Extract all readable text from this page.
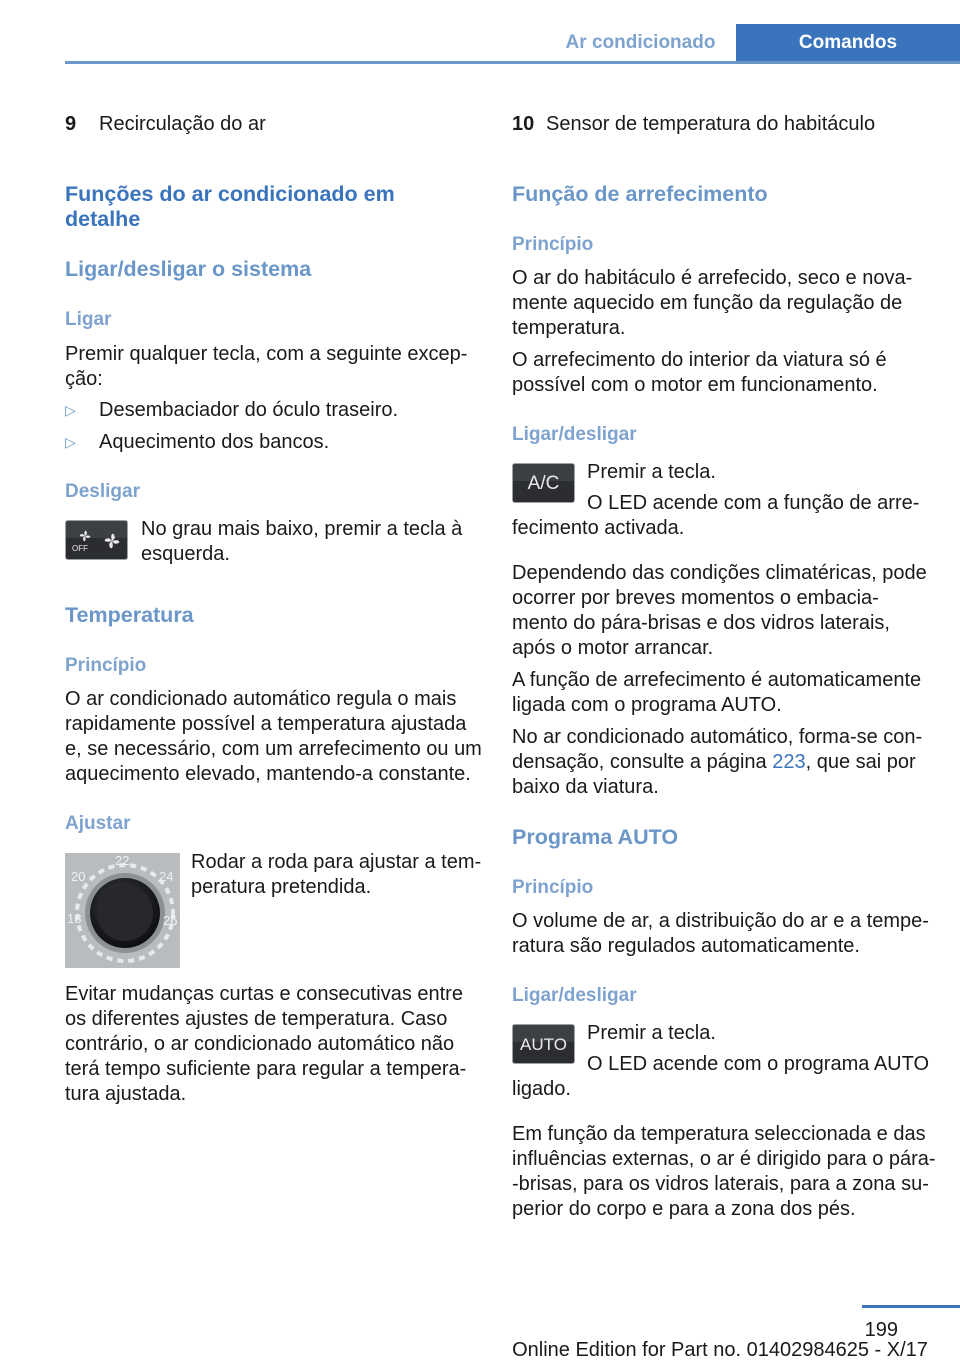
Ar condicionado	Comandos
9 Recirculação do ar
Funções do ar condicionado em
detalhe
Ligar/desligar o sistema
Ligar
Premir qualquer tecla, com a seguinte excep‐
ção:
▷ Desembaciador do óculo traseiro.
▷ Aquecimento dos bancos.
Desligar
OFF
No grau mais baixo, premir a tecla à
esquerda.
Temperatura
Princípio
O ar condicionado automático regula o mais
rapidamente possível a temperatura ajustada
e, se necessário, com um arrefecimento ou um
aquecimento elevado, mantendo-a constante.
Ajustar
22
20	24
18	26
Rodar a roda para ajustar a tem‐
peratura pretendida.
Evitar mudanças curtas e consecutivas entre
os diferentes ajustes de temperatura. Caso
contrário, o ar condicionado automático não
terá tempo suficiente para regular a tempera‐
tura ajustada.
10 Sensor de temperatura do habitáculo
Função de arrefecimento
Princípio
O ar do habitáculo é arrefecido, seco e nova‐
mente aquecido em função da regulação de
temperatura.
O arrefecimento do interior da viatura só é
possível com o motor em funcionamento.
Ligar/desligar
A/C
Premir a tecla.
O LED acende com a função de arre‐
fecimento activada.
Dependendo das condições climatéricas, pode
ocorrer por breves momentos o embacia‐
mento do pára-brisas e dos vidros laterais,
após o motor arrancar.
A função de arrefecimento é automaticamente
ligada com o programa AUTO.
No ar condicionado automático, forma-se con‐
densação, consulte a página 223, que sai por
baixo da viatura.
Programa AUTO
Princípio
O volume de ar, a distribuição do ar e a tempe‐
ratura são regulados automaticamente.
Ligar/desligar
AUTO
Premir a tecla.
O LED acende com o programa AUTO
ligado.
Em função da temperatura seleccionada e das
influências externas, o ar é dirigido para o pára‐
-brisas, para os vidros laterais, para a zona su‐
perior do corpo e para a zona dos pés.
199
Online Edition for Part no. 01402984625 - X/17
